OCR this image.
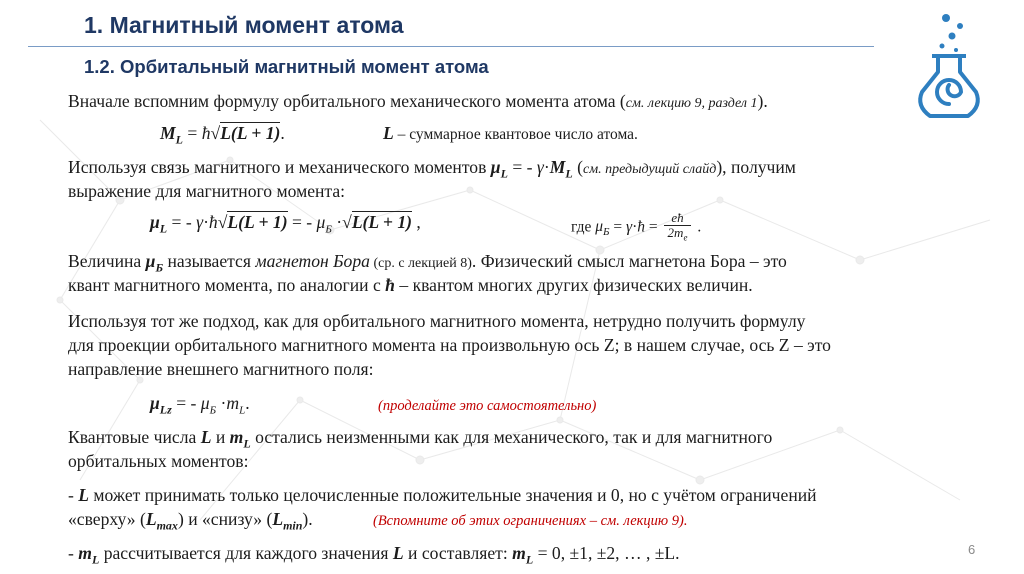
1. Магнитный момент атома
1.2. Орбитальный магнитный момент атома
Вначале вспомним формулу орбитального механического момента атома (см. лекцию 9, раздел 1).
$M_L$ = ħ√L(L + 1).	L – суммарное квантовое число атома.
Используя связь магнитного и механического моментов $\mu_L$ = - $\gamma\cdot M_L$ (см. предыдущий слайд), получим
выражение для магнитного момента:
$\mu_L$ = - γ·ħ√L(L + 1) = - $\mu_Б \cdot√L(L + 1)$ ,	где $\mu_Б$ = γ·ħ = $\frac{eħ}{2m_e}$ .
Величина $\mu_Б$ называется магнетон Бора (ср. с лекцией 8). Физический смысл магнетона Бора – это
квант магнитного момента, по аналогии с ħ – квантом многих других физических величин.
Используя тот же подход, как для орбитального магнитного момента, нетрудно получить формулу
для проекции орбитального магнитного момента на произвольную ось Z; в нашем случае, ось Z – это
направление внешнего магнитного поля:
$\mu_{Lz}$ = - $\mu_Б \cdot m_L$.	(проделайте это самостоятельно)
Квантовые числа L и $m_L$ остались неизменными как для механического, так и для магнитного
орбитальных моментов:
- L может принимать только целочисленные положительные значения и 0, но с учётом ограничений
«сверху» $(L_{max})$ и «снизу» $(L_{min})$.	(Вспомните об этих ограничениях – см. лекцию 9).
- $m_L$ рассчитывается для каждого значения L и составляет: $m_L = 0$, ±1, ±2, … , ±L.	6
